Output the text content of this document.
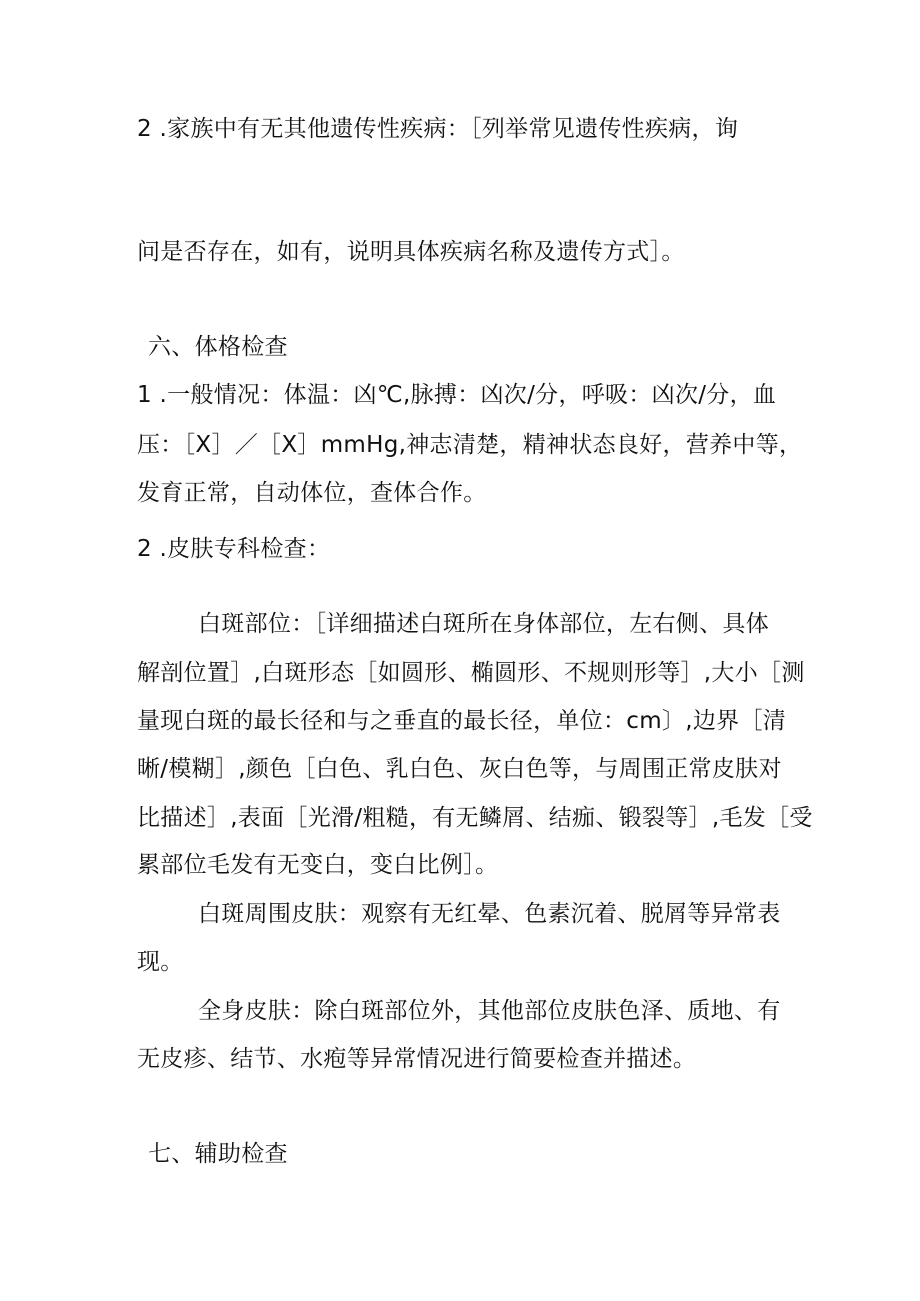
2 .家族中有无其他遗传性疾病：［列举常见遗传性疾病，询
问是否存在，如有，说明具体疾病名称及遗传方式］。
六、体格检查
1 .一般情况：体温：凶℃,脉搏：凶次/分，呼吸：凶次/分，血
压：［X］／［X］mmHg,神志清楚，精神状态良好，营养中等，
发育正常，自动体位，查体合作。
2 .皮肤专科检查：
白斑部位：［详细描述白斑所在身体部位，左右侧、具体
解剖位置］,白斑形态［如圆形、椭圆形、不规则形等］,大小［测
量现白斑的最长径和与之垂直的最长径，单位：cm〕,边界［清
晰/模糊］,颜色［白色、乳白色、灰白色等，与周围正常皮肤对
比描述］,表面［光滑/粗糙，有无鳞屑、结痂、锻裂等］,毛发［受
累部位毛发有无变白，变白比例］。
白斑周围皮肤：观察有无红晕、色素沉着、脱屑等异常表
现。
全身皮肤：除白斑部位外，其他部位皮肤色泽、质地、有
无皮疹、结节、水疱等异常情况进行简要检查并描述。
七、辅助检查
